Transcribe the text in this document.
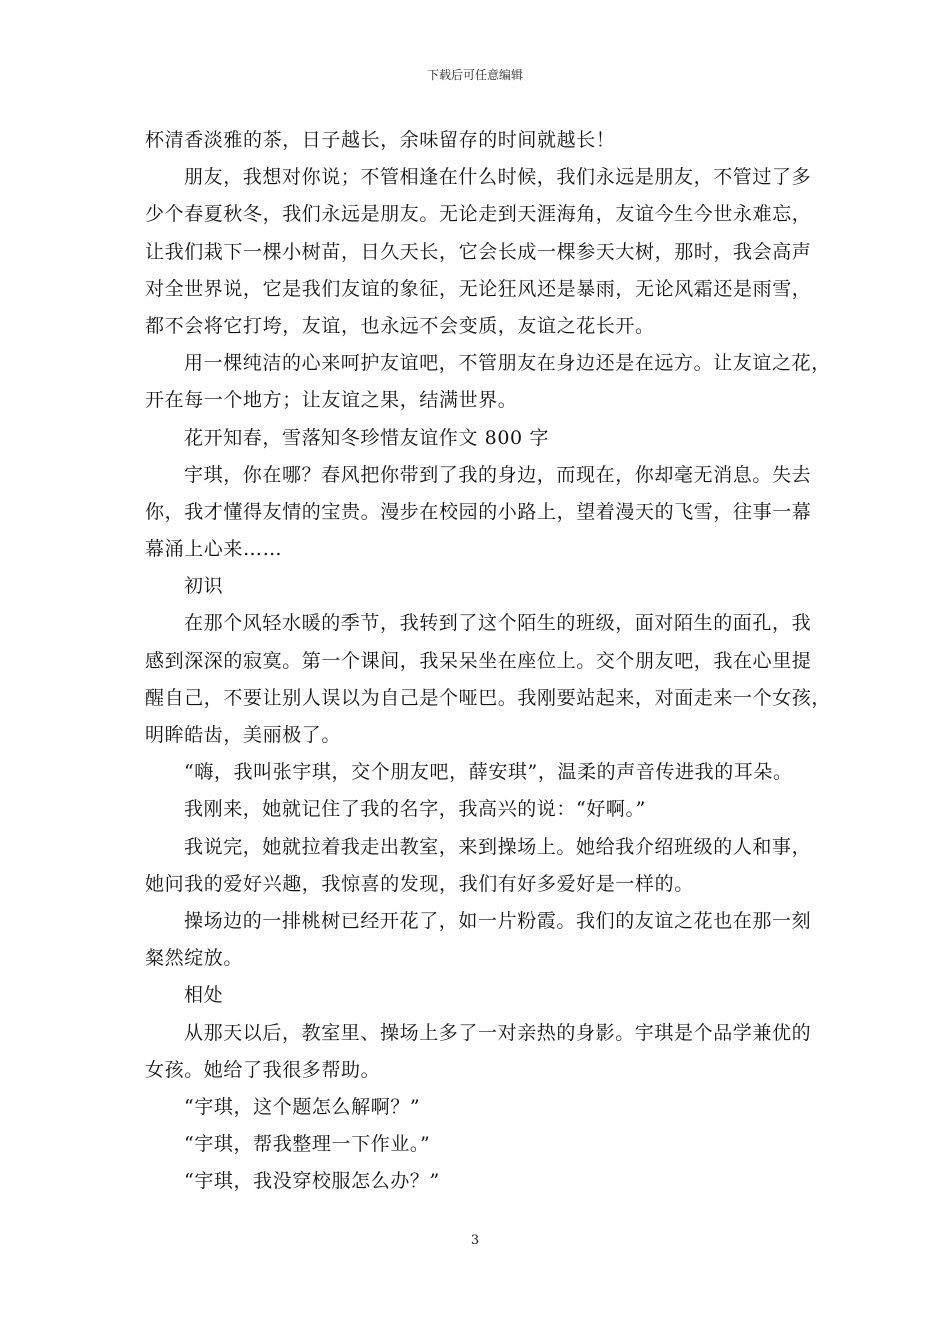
下载后可任意编辑
杯清香淡雅的茶，日子越长，余味留存的时间就越长！
朋友，我想对你说；不管相逢在什么时候，我们永远是朋友，不管过了多
少个春夏秋冬，我们永远是朋友。无论走到天涯海角，友谊今生今世永难忘，
让我们栽下一棵小树苗，日久天长，它会长成一棵参天大树，那时，我会高声
对全世界说，它是我们友谊的象征，无论狂风还是暴雨，无论风霜还是雨雪，
都不会将它打垮，友谊，也永远不会变质，友谊之花长开。
用一棵纯洁的心来呵护友谊吧，不管朋友在身边还是在远方。让友谊之花，
开在每一个地方；让友谊之果，结满世界。
花开知春，雪落知冬珍惜友谊作文 800 字
宇琪，你在哪？春风把你带到了我的身边，而现在，你却毫无消息。失去
你，我才懂得友情的宝贵。漫步在校园的小路上，望着漫天的飞雪，往事一幕
幕涌上心来……
初识
在那个风轻水暖的季节，我转到了这个陌生的班级，面对陌生的面孔，我
感到深深的寂寞。第一个课间，我呆呆坐在座位上。交个朋友吧，我在心里提
醒自己，不要让别人误以为自己是个哑巴。我刚要站起来，对面走来一个女孩，
明眸皓齿，美丽极了。
“嗨，我叫张宇琪，交个朋友吧，薛安琪”，温柔的声音传进我的耳朵。
我刚来，她就记住了我的名字，我高兴的说：“好啊。”
我说完，她就拉着我走出教室，来到操场上。她给我介绍班级的人和事，
她问我的爱好兴趣，我惊喜的发现，我们有好多爱好是一样的。
操场边的一排桃树已经开花了，如一片粉霞。我们的友谊之花也在那一刻
粲然绽放。
相处
从那天以后，教室里、操场上多了一对亲热的身影。宇琪是个品学兼优的
女孩。她给了我很多帮助。
“宇琪，这个题怎么解啊？”
“宇琪，帮我整理一下作业。”
“宇琪，我没穿校服怎么办？”
3
